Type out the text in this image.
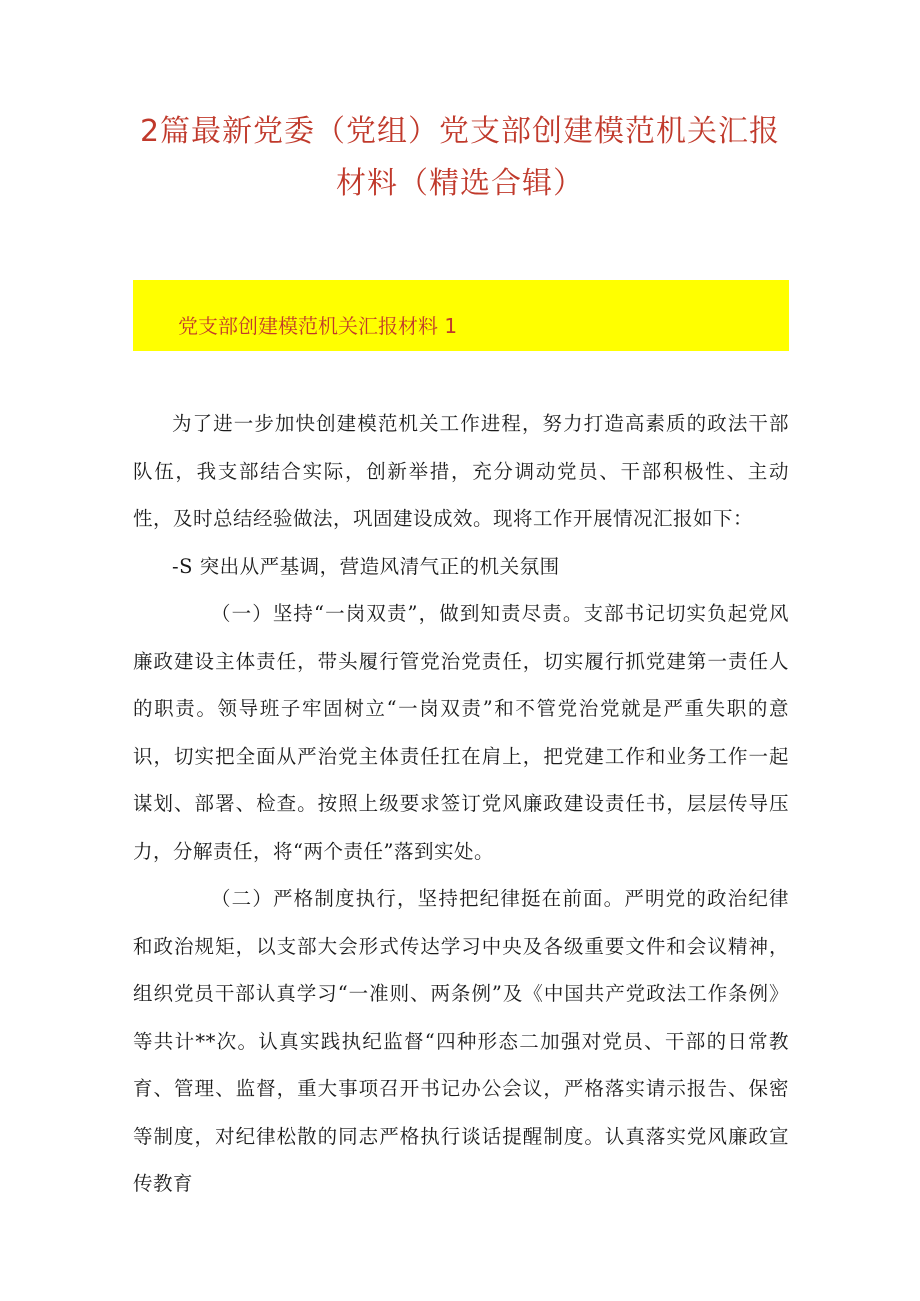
2篇最新党委（党组）党支部创建模范机关汇报材料（精选合辑）
党支部创建模范机关汇报材料 1

为了进一步加快创建模范机关工作进程，努力打造高素质的政法干部队伍，我支部结合实际，创新举措，充分调动党员、干部积极性、主动性，及时总结经验做法，巩固建设成效。现将工作开展情况汇报如下：

-S 突出从严基调，营造风清气正的机关氛围

（一）坚持“一岗双责”，做到知责尽责。支部书记切实负起党风廉政建设主体责任，带头履行管党治党责任，切实履行抓党建第一责任人的职责。领导班子牢固树立“一岗双责”和不管党治党就是严重失职的意识，切实把全面从严治党主体责任扛在肩上，把党建工作和业务工作一起谋划、部署、检查。按照上级要求签订党风廉政建设责任书，层层传导压力，分解责任，将“两个责任”落到实处。

（二）严格制度执行，坚持把纪律挺在前面。严明党的政治纪律和政治规矩，以支部大会形式传达学习中央及各级重要文件和会议精神，组织党员干部认真学习“一准则、两条例”及《中国共产党政法工作条例》等共计**次。认真实践执纪监督“四种形态二加强对党员、干部的日常教育、管理、监督，重大事项召开书记办公会议，严格落实请示报告、保密等制度，对纪律松散的同志严格执行谈话提醒制度。认真落实党风廉政宣传教育
